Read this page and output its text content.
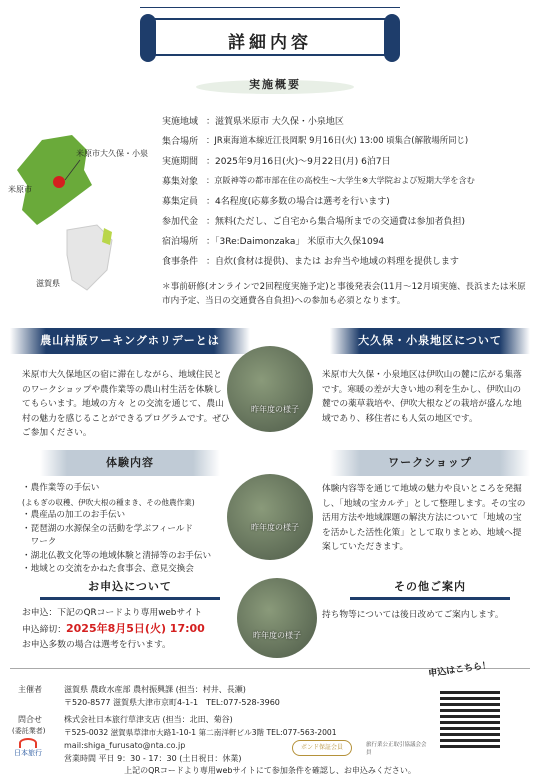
詳細内容
実施概要
米原市大久保・小泉
米原市
滋賀県
実施地域 ：滋賀県米原市 大久保・小泉地区
集合場所 ：JR東海道本線近江長岡駅 9月16日(火) 13:00 頃集合(解散場所同じ)
実施期間 ：2025年9月16日(火)～9月22日(月) 6泊7日
募集対象 ：京阪神等の都市部在住の高校生～大学生※大学院および短期大学を含む
募集定員 ：4名程度(応募多数の場合は選考を行います)
参加代金 ：無料(ただし、ご自宅から集合場所までの交通費は参加者負担)
宿泊場所 ：「3Re:Daimonzaka」 米原市大久保1094
食事条件 ：自炊(食材は提供)、または お弁当や地域の料理を提供します
＊事前研修(オンラインで2回程度実施予定)と事後発表会(11月～12月頃実施、長浜または米原市内予定、当日の交通費各自負担)への参加も必須となります。
農山村版ワーキングホリデーとは
米原市大久保地区の宿に滞在しながら、地域住民とのワークショップや農作業等の農山村生活を体験してもらいます。地域の方々 との交流を通じて、農山村の魅力を感じることができるプログラムです。ぜひご参加ください。
昨年度の様子
大久保・小泉地区について
米原市大久保・小泉地区は伊吹山の麓に広がる集落です。寒暖の差が大きい地の利を生かし、伊吹山の麓での薬草栽培や、伊吹大根などの栽培が盛んな地域であり、移住者にも人気の地区です。
体験内容
・農作業等の手伝い
(よもぎの収穫、伊吹大根の種まき、その他農作業)
・農産品の加工のお手伝い
・琵琶湖の水源保全の活動を学ぶフィールド
　ワーク
・湖北仏教文化等の地域体験と清掃等のお手伝い
・地域との交流をかねた食事会、意見交換会
昨年度の様子
ワークショップ
体験内容等を通じて地域の魅力や良いところを発掘し、「地域の宝カルテ」として整理します。その宝の活用方法や地域課題の解決方法について「地域の宝を活かした活性化策」として取りまとめ、地域へ提案していただきます。
お申込について
お申込：下記のQRコードより専用webサイト
申込締切：2025年8月5日(火) 17:00
お申込多数の場合は選考を行います。
昨年度の様子
その他ご案内
持ち物等については後日改めてご案内します。
申込はこちら！
主催者	滋賀県 農政水産部 農村振興課 (担当：村井、長瀬)
〒520-8577 滋賀県大津市京町4-1-1　 TEL:077-528-3960
問合せ
(委託業者)
株式会社日本旅行草津支店 (担当：北田、菊谷)
〒525-0032 滋賀県草津市大路1-10-1 第二南洋軒ビル3階 TEL:077-563-2001
mail:shiga_furusato@nta.co.jp
営業時間 平日 9：30 - 17：30 (土日祝日：休業)
日本旅行
ボンド保証会員	旅行業公正取引協議会会員
上記のQRコードより専用webサイトにて参加条件を確認し、お申込みください。
